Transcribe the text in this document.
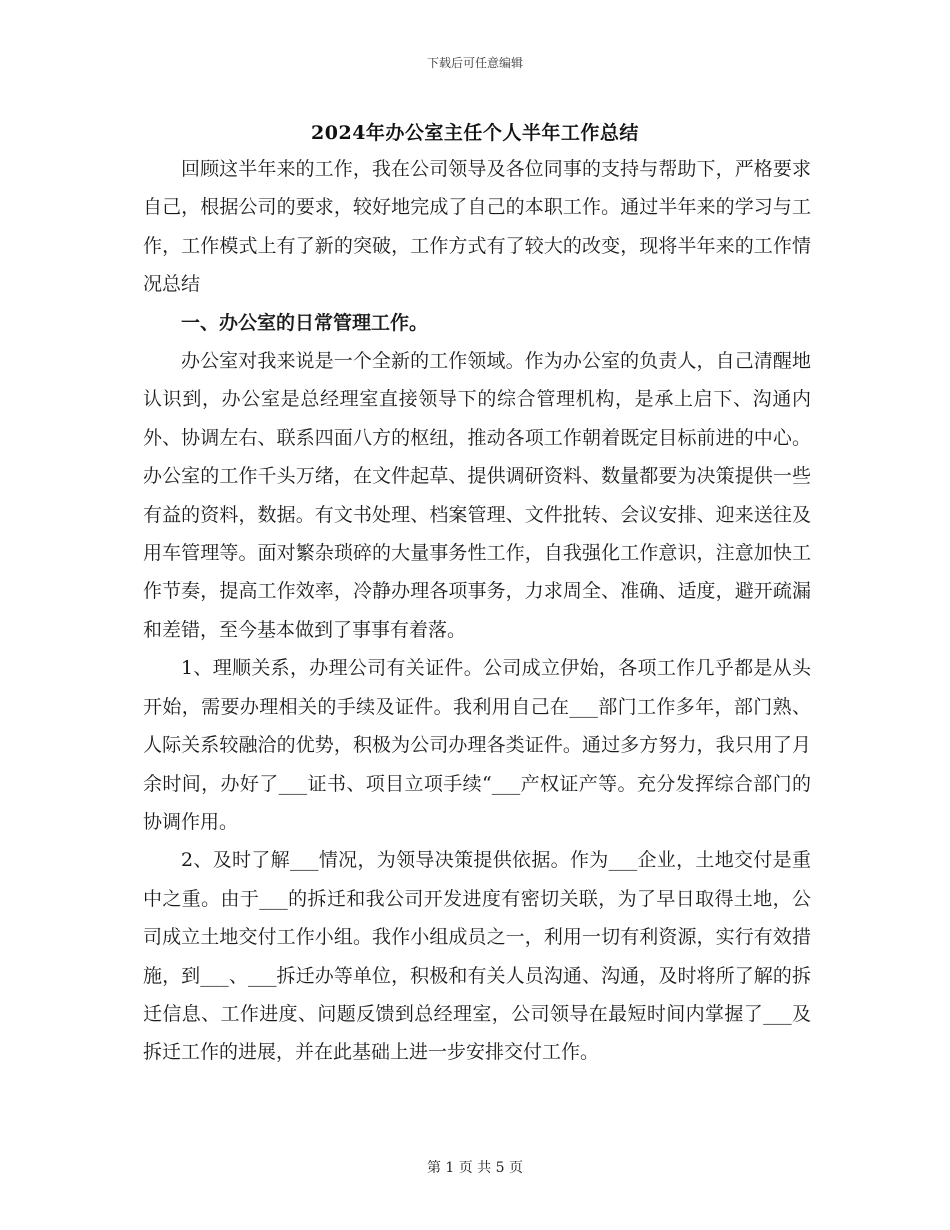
下载后可任意编辑
2024年办公室主任个人半年工作总结

回顾这半年来的工作，我在公司领导及各位同事的支持与帮助下，严格要求自己，根据公司的要求，较好地完成了自己的本职工作。通过半年来的学习与工作，工作模式上有了新的突破，工作方式有了较大的改变，现将半年来的工作情况总结

一、办公室的日常管理工作。

办公室对我来说是一个全新的工作领域。作为办公室的负责人，自己清醒地认识到，办公室是总经理室直接领导下的综合管理机构，是承上启下、沟通内外、协调左右、联系四面八方的枢纽，推动各项工作朝着既定目标前进的中心。办公室的工作千头万绪，在文件起草、提供调研资料、数量都要为决策提供一些有益的资料，数据。有文书处理、档案管理、文件批转、会议安排、迎来送往及用车管理等。面对繁杂琐碎的大量事务性工作，自我强化工作意识，注意加快工作节奏，提高工作效率，冷静办理各项事务，力求周全、准确、适度，避开疏漏和差错，至今基本做到了事事有着落。

1、理顺关系，办理公司有关证件。公司成立伊始，各项工作几乎都是从头开始，需要办理相关的手续及证件。我利用自己在___部门工作多年，部门熟、人际关系较融洽的优势，积极为公司办理各类证件。通过多方努力，我只用了月余时间，办好了___证书、项目立项手续“___产权证产等。充分发挥综合部门的协调作用。

2、及时了解___情况，为领导决策提供依据。作为___企业，土地交付是重中之重。由于___的拆迁和我公司开发进度有密切关联，为了早日取得土地，公司成立土地交付工作小组。我作小组成员之一，利用一切有利资源，实行有效措施，到___、___拆迁办等单位，积极和有关人员沟通、沟通，及时将所了解的拆迁信息、工作进度、问题反馈到总经理室，公司领导在最短时间内掌握了___及拆迁工作的进展，并在此基础上进一步安排交付工作。

第 1 页 共 5 页
